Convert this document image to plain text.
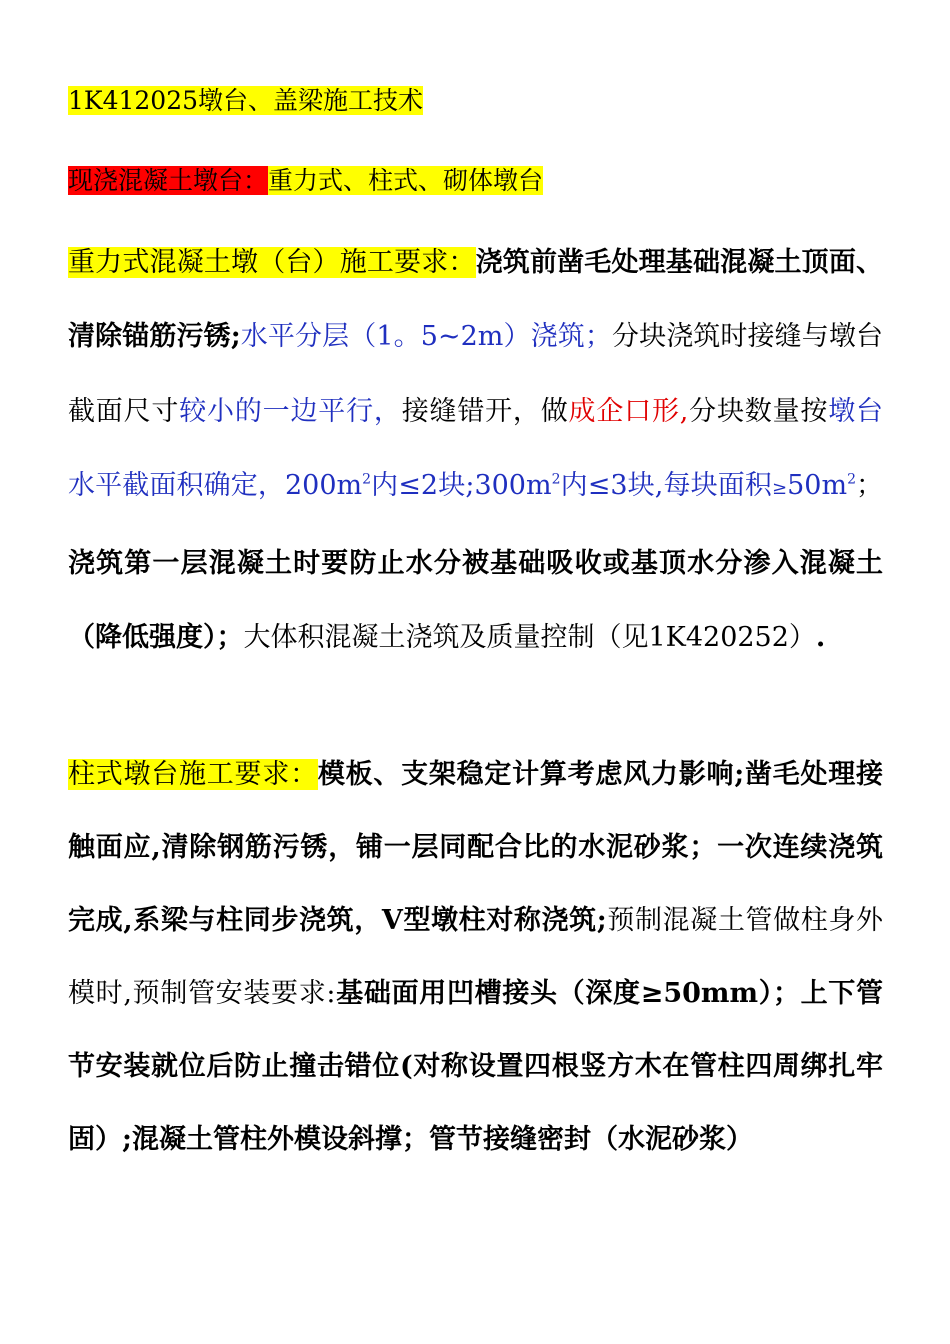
1K412025墩台、盖梁施工技术
现浇混凝土墩台：重力式、柱式、砌体墩台
重力式混凝土墩（台）施工要求：浇筑前凿毛处理基础混凝土顶面、清除锚筋污锈;水平分层（1。5~2m）浇筑；分块浇筑时接缝与墩台截面尺寸较小的一边平行，接缝错开，做成企口形,分块数量按墩台水平截面积确定，$200m^2$内≤2块$;300m^2$内≤3块,每块面积$\ge 50m^2$；浇筑第一层混凝土时要防止水分被基础吸收或基顶水分渗入混凝土（降低强度）；大体积混凝土浇筑及质量控制（见1K420252）.
柱式墩台施工要求：模板、支架稳定计算考虑风力影响;凿毛处理接触面应,清除钢筋污锈，铺一层同配合比的水泥砂浆；一次连续浇筑完成,系梁与柱同步浇筑，V型墩柱对称浇筑;预制混凝土管做柱身外模时,预制管安装要求:基础面用凹槽接头（深度≥50mm）；上下管节安装就位后防止撞击错位(对称设置四根竖方木在管柱四周绑扎牢固）;混凝土管柱外模设斜撑；管节接缝密封（水泥砂浆）
